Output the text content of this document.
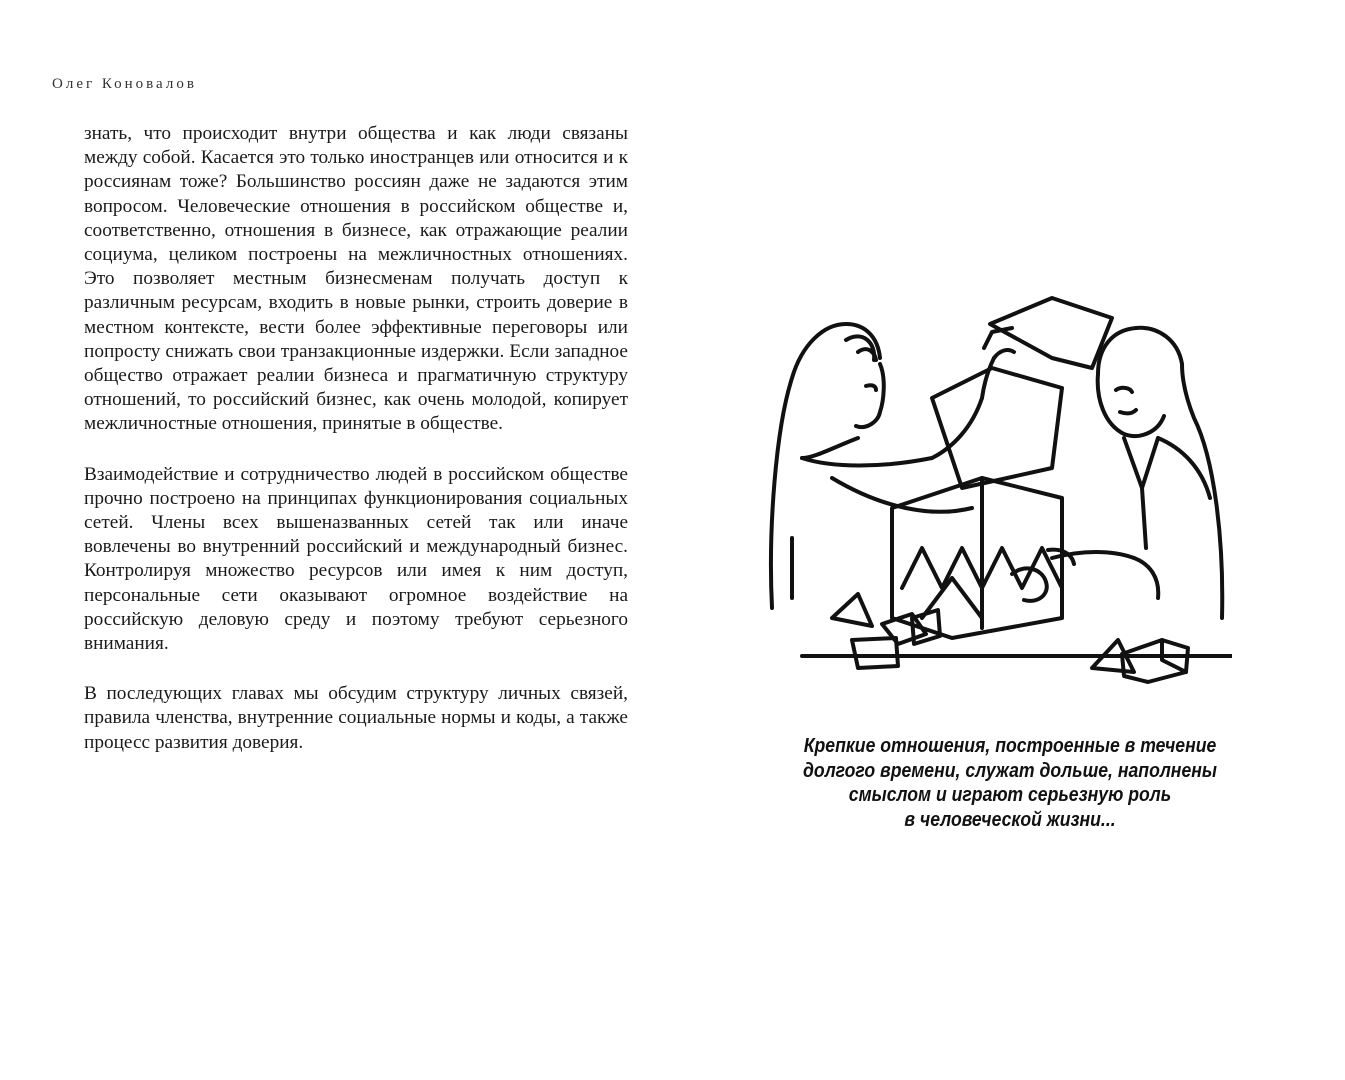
Олег Коновалов

знать, что происходит внутри общества и как люди связаны между собой. Касается это только иностранцев или относится и к россиянам тоже? Большинство россиян даже не задаются этим вопросом. Человеческие отношения в российском обществе и, соответственно, отношения в бизнесе, как отражающие реалии социума, целиком построены на межличностных отношениях. Это позволяет местным бизнесменам получать доступ к различным ресурсам, входить в новые рынки, строить доверие в местном контексте, вести более эффективные переговоры или попросту снижать свои транзакционные издержки. Если западное общество отражает реалии бизнеса и прагматичную структуру отношений, то российский бизнес, как очень молодой, копирует межличностные отношения, принятые в обществе.

Взаимодействие и сотрудничество людей в российском обществе прочно построено на принципах функционирования социальных сетей. Члены всех вышеназванных сетей так или иначе вовлечены во внутренний российский и международный бизнес. Контролируя множество ресурсов или имея к ним доступ, персональные сети оказывают огромное воздействие на российскую деловую среду и поэтому требуют серьезного внимания.

В последующих главах мы обсудим структуру личных связей, правила членства, внутренние социальные нормы и коды, а также процесс развития доверия.	Крепкие отношения, построенные в течение
долгого времени, служат дольше, наполнены
смыслом и играют серьезную роль
в человеческой жизни...
